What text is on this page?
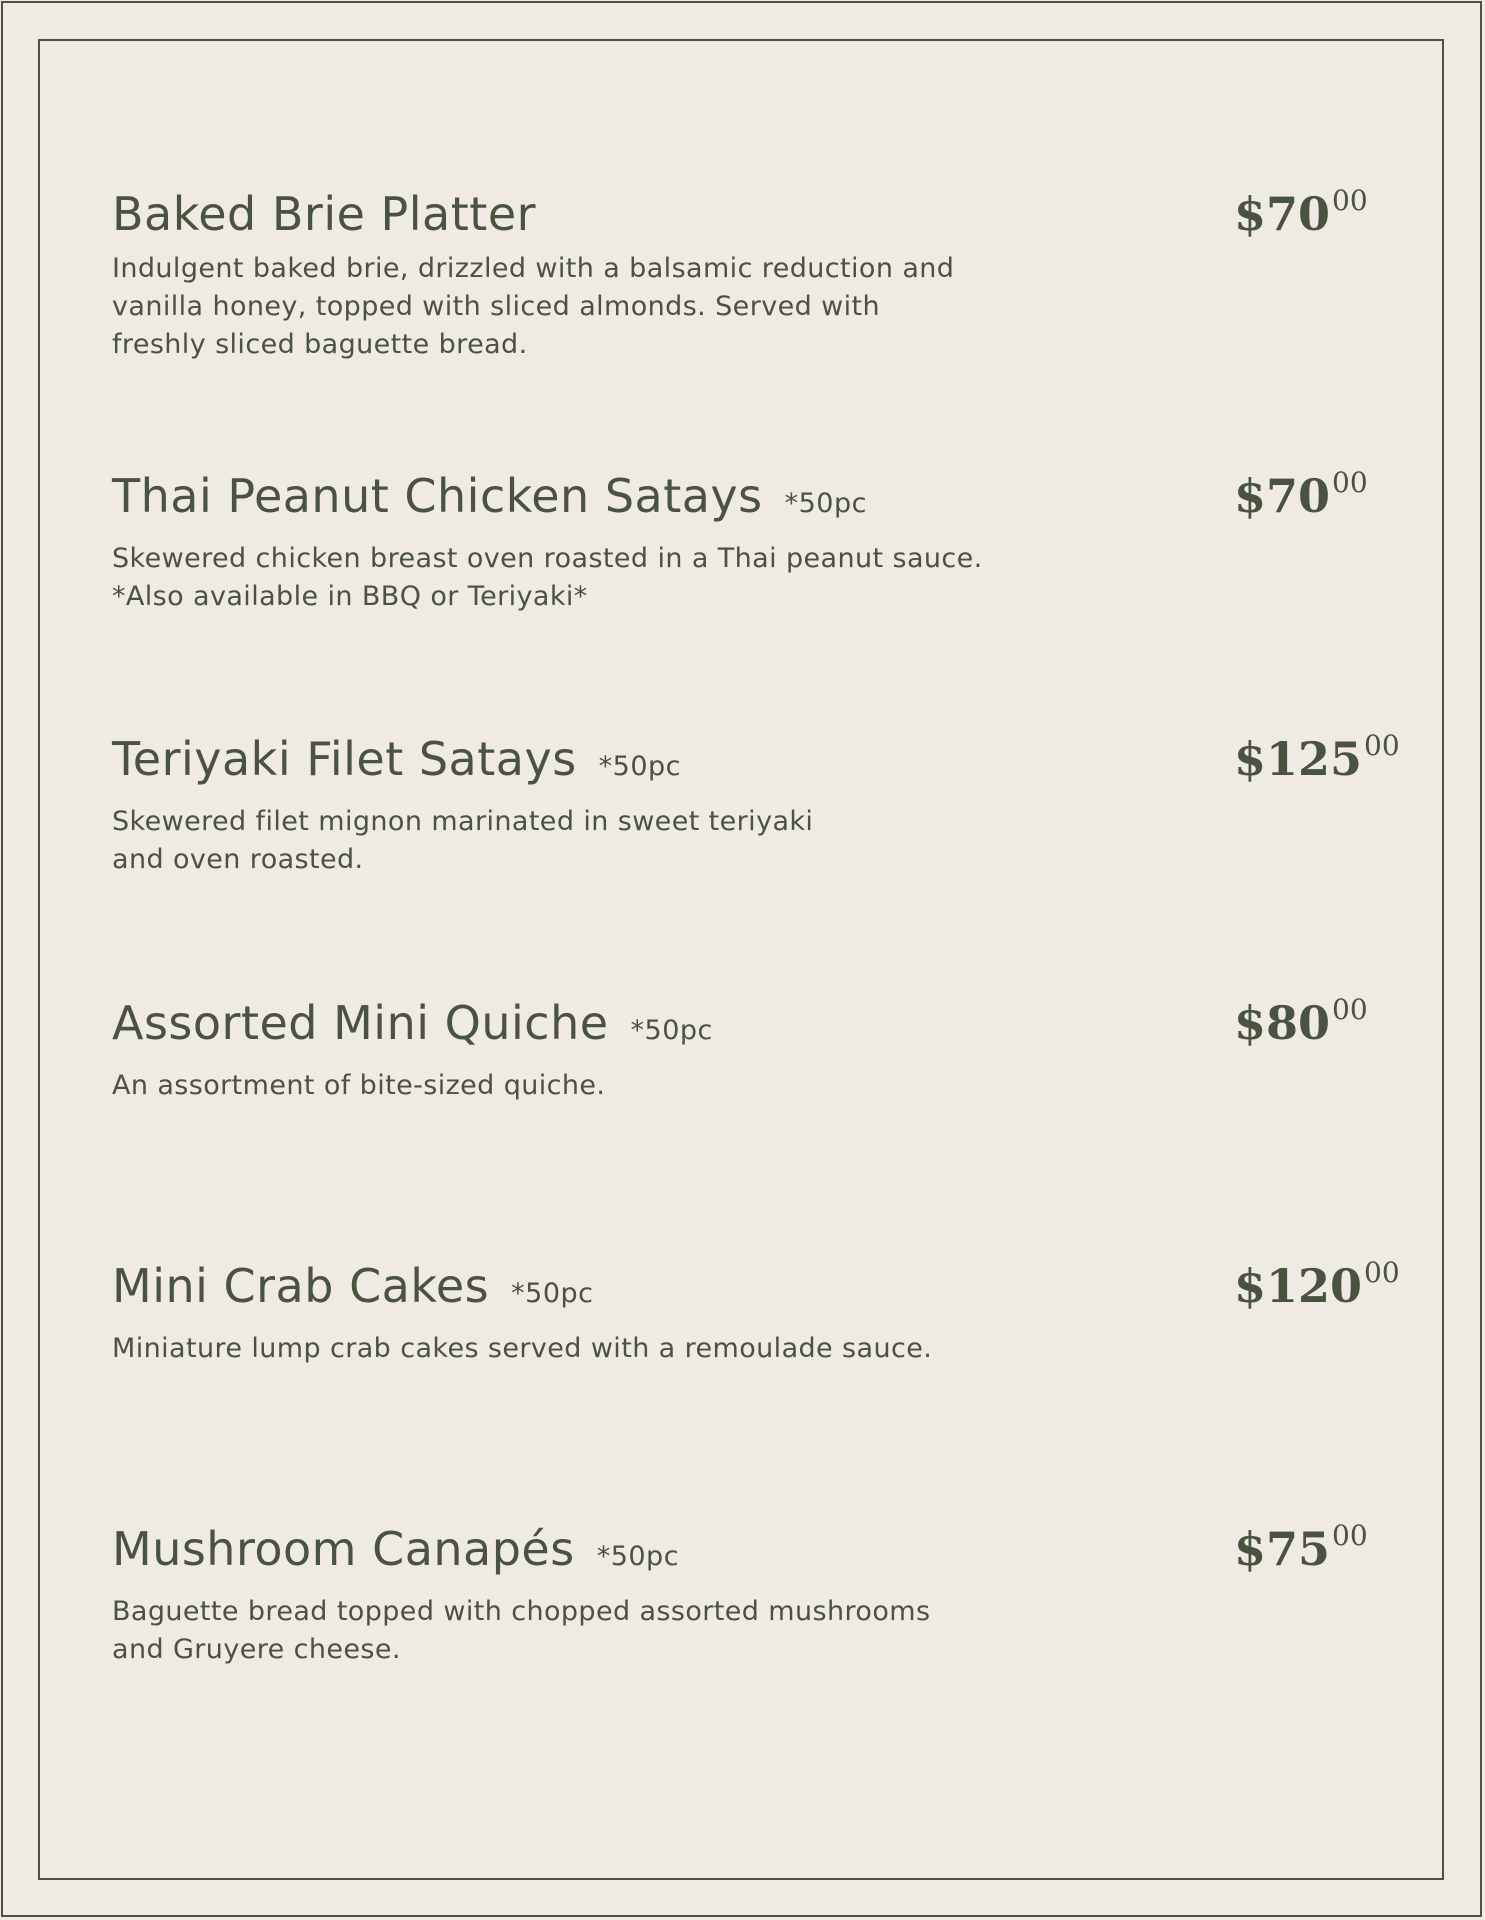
Baked Brie Platter
Indulgent baked brie, drizzled with a balsamic reduction and
vanilla honey, topped with sliced almonds. Served with
freshly sliced baguette bread.
$\$70^{00}$
Thai Peanut Chicken Satays *50pc
Skewered chicken breast oven roasted in a Thai peanut sauce.
*Also available in BBQ or Teriyaki*
$\$70^{00}$
Teriyaki Filet Satays *50pc
Skewered filet mignon marinated in sweet teriyaki
and oven roasted.
$\$125^{00}$
Assorted Mini Quiche *50pc
An assortment of bite-sized quiche.
$\$80^{00}$
Mini Crab Cakes *50pc
Miniature lump crab cakes served with a remoulade sauce.
$\$120^{00}$
Mushroom Canapés *50pc
Baguette bread topped with chopped assorted mushrooms
and Gruyere cheese.
$\$75^{00}$
